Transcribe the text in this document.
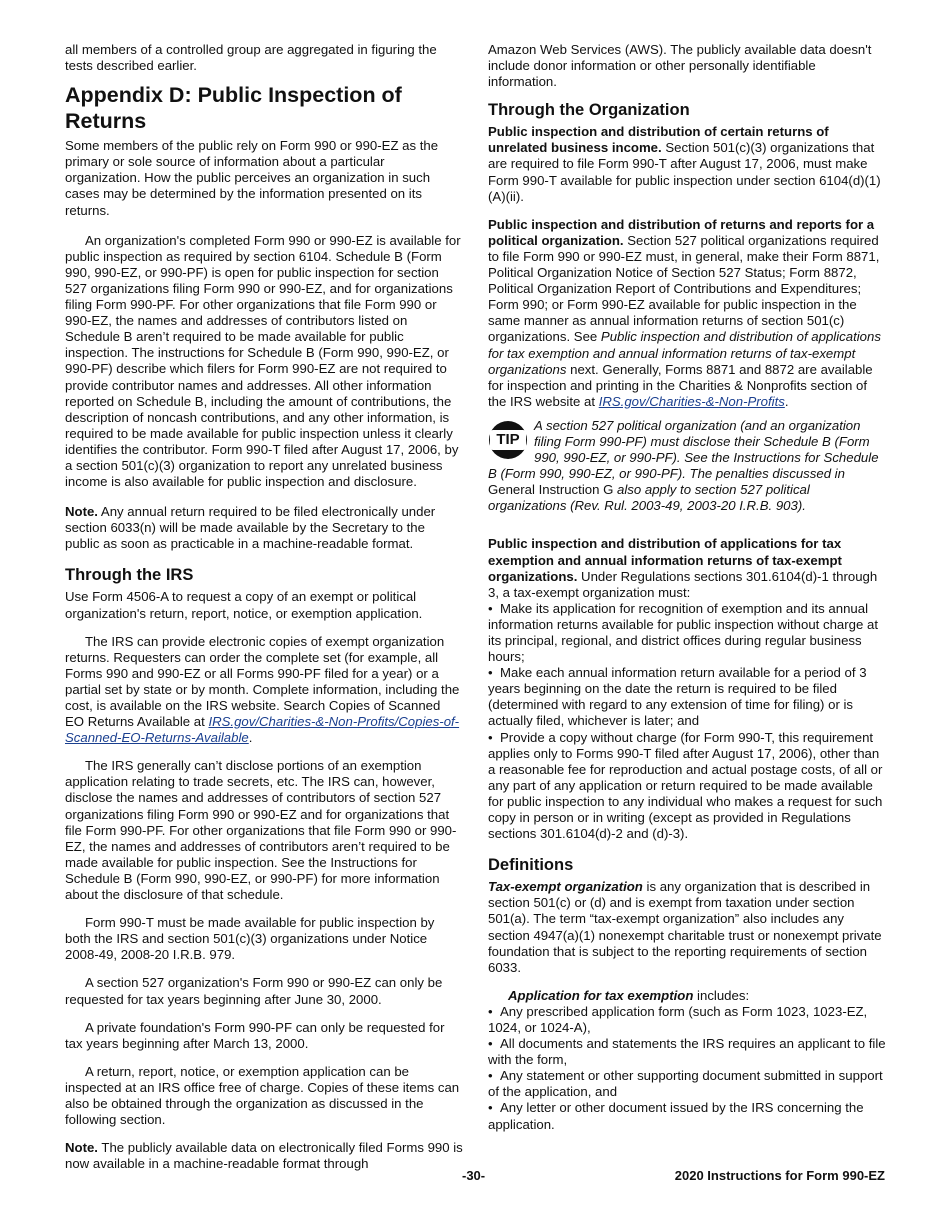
all members of a controlled group are aggregated in figuring the tests described earlier.

Appendix D: Public Inspection of Returns

Some members of the public rely on Form 990 or 990-EZ as the primary or sole source of information about a particular organization. How the public perceives an organization in such cases may be determined by the information presented on its returns.

An organization's completed Form 990 or 990-EZ is available for public inspection as required by section 6104. Schedule B (Form 990, 990-EZ, or 990-PF) is open for public inspection for section 527 organizations filing Form 990 or 990-EZ, and for organizations filing Form 990-PF. For other organizations that file Form 990 or 990-EZ, the names and addresses of contributors listed on Schedule B aren’t required to be made available for public inspection. The instructions for Schedule B (Form 990, 990-EZ, or 990-PF) describe which filers for Form 990-EZ are not required to provide contributor names and addresses. All other information reported on Schedule B, including the amount of contributions, the description of noncash contributions, and any other information, is required to be made available for public inspection unless it clearly identifies the contributor. Form 990-T filed after August 17, 2006, by a section 501(c)(3) organization to report any unrelated business income is also available for public inspection and disclosure.

Note. Any annual return required to be filed electronically under section 6033(n) will be made available by the Secretary to the public as soon as practicable in a machine-readable format.

Through the IRS

Use Form 4506-A to request a copy of an exempt or political organization's return, report, notice, or exemption application.

The IRS can provide electronic copies of exempt organization returns. Requesters can order the complete set (for example, all Forms 990 and 990-EZ or all Forms 990-PF filed for a year) or a partial set by state or by month. Complete information, including the cost, is available on the IRS website. Search Copies of Scanned EO Returns Available at IRS.gov/Charities-&-Non-Profits/Copies-of-Scanned-EO-Returns-Available.

The IRS generally can’t disclose portions of an exemption application relating to trade secrets, etc. The IRS can, however, disclose the names and addresses of contributors of section 527 organizations filing Form 990 or 990-EZ and for organizations that file Form 990-PF. For other organizations that file Form 990 or 990-EZ, the names and addresses of contributors aren’t required to be made available for public inspection. See the Instructions for Schedule B (Form 990, 990-EZ, or 990-PF) for more information about the disclosure of that schedule.

Form 990-T must be made available for public inspection by both the IRS and section 501(c)(3) organizations under Notice 2008-49, 2008-20 I.R.B. 979.

A section 527 organization's Form 990 or 990-EZ can only be requested for tax years beginning after June 30, 2000.

A private foundation's Form 990-PF can only be requested for tax years beginning after March 13, 2000.

A return, report, notice, or exemption application can be inspected at an IRS office free of charge. Copies of these items can also be obtained through the organization as discussed in the following section.

Note. The publicly available data on electronically filed Forms 990 is now available in a machine-readable format through

Amazon Web Services (AWS). The publicly available data doesn't include donor information or other personally identifiable information.

Through the Organization

Public inspection and distribution of certain returns of unrelated business income. Section 501(c)(3) organizations that are required to file Form 990-T after August 17, 2006, must make Form 990-T available for public inspection under section 6104(d)(1)(A)(ii).

Public inspection and distribution of returns and reports for a political organization. Section 527 political organizations required to file Form 990 or 990-EZ must, in general, make their Form 8871, Political Organization Notice of Section 527 Status; Form 8872, Political Organization Report of Contributions and Expenditures; Form 990; or Form 990-EZ available for public inspection in the same manner as annual information returns of section 501(c) organizations. See Public inspection and distribution of applications for tax exemption and annual information returns of tax-exempt organizations next. Generally, Forms 8871 and 8872 are available for inspection and printing in the Charities & Nonprofits section of the IRS website at IRS.gov/Charities-&-Non-Profits.

TIP
A section 527 political organization (and an organization filing Form 990-PF) must disclose their Schedule B (Form 990, 990-EZ, or 990-PF). See the Instructions for Schedule B (Form 990, 990-EZ, or 990-PF). The penalties discussed in General Instruction G also apply to section 527 political organizations (Rev. Rul. 2003-49, 2003-20 I.R.B. 903).

Public inspection and distribution of applications for tax exemption and annual information returns of tax-exempt organizations. Under Regulations sections 301.6104(d)-1 through 3, a tax-exempt organization must:

• Make its application for recognition of exemption and its annual information returns available for public inspection without charge at its principal, regional, and district offices during regular business hours;
• Make each annual information return available for a period of 3 years beginning on the date the return is required to be filed (determined with regard to any extension of time for filing) or is actually filed, whichever is later; and
• Provide a copy without charge (for Form 990-T, this requirement applies only to Forms 990-T filed after August 17, 2006), other than a reasonable fee for reproduction and actual postage costs, of all or any part of any application or return required to be made available for public inspection to any individual who makes a request for such copy in person or in writing (except as provided in Regulations sections 301.6104(d)-2 and (d)-3).
Definitions

Tax-exempt organization is any organization that is described in section 501(c) or (d) and is exempt from taxation under section 501(a). The term “tax-exempt organization” also includes any section 4947(a)(1) nonexempt charitable trust or nonexempt private foundation that is subject to the reporting requirements of section 6033.

Application for tax exemption includes:

• Any prescribed application form (such as Form 1023, 1023-EZ, 1024, or 1024-A),
• All documents and statements the IRS requires an applicant to file with the form,
• Any statement or other supporting document submitted in support of the application, and
• Any letter or other document issued by the IRS concerning the application.
-30-	2020 Instructions for Form 990-EZ
